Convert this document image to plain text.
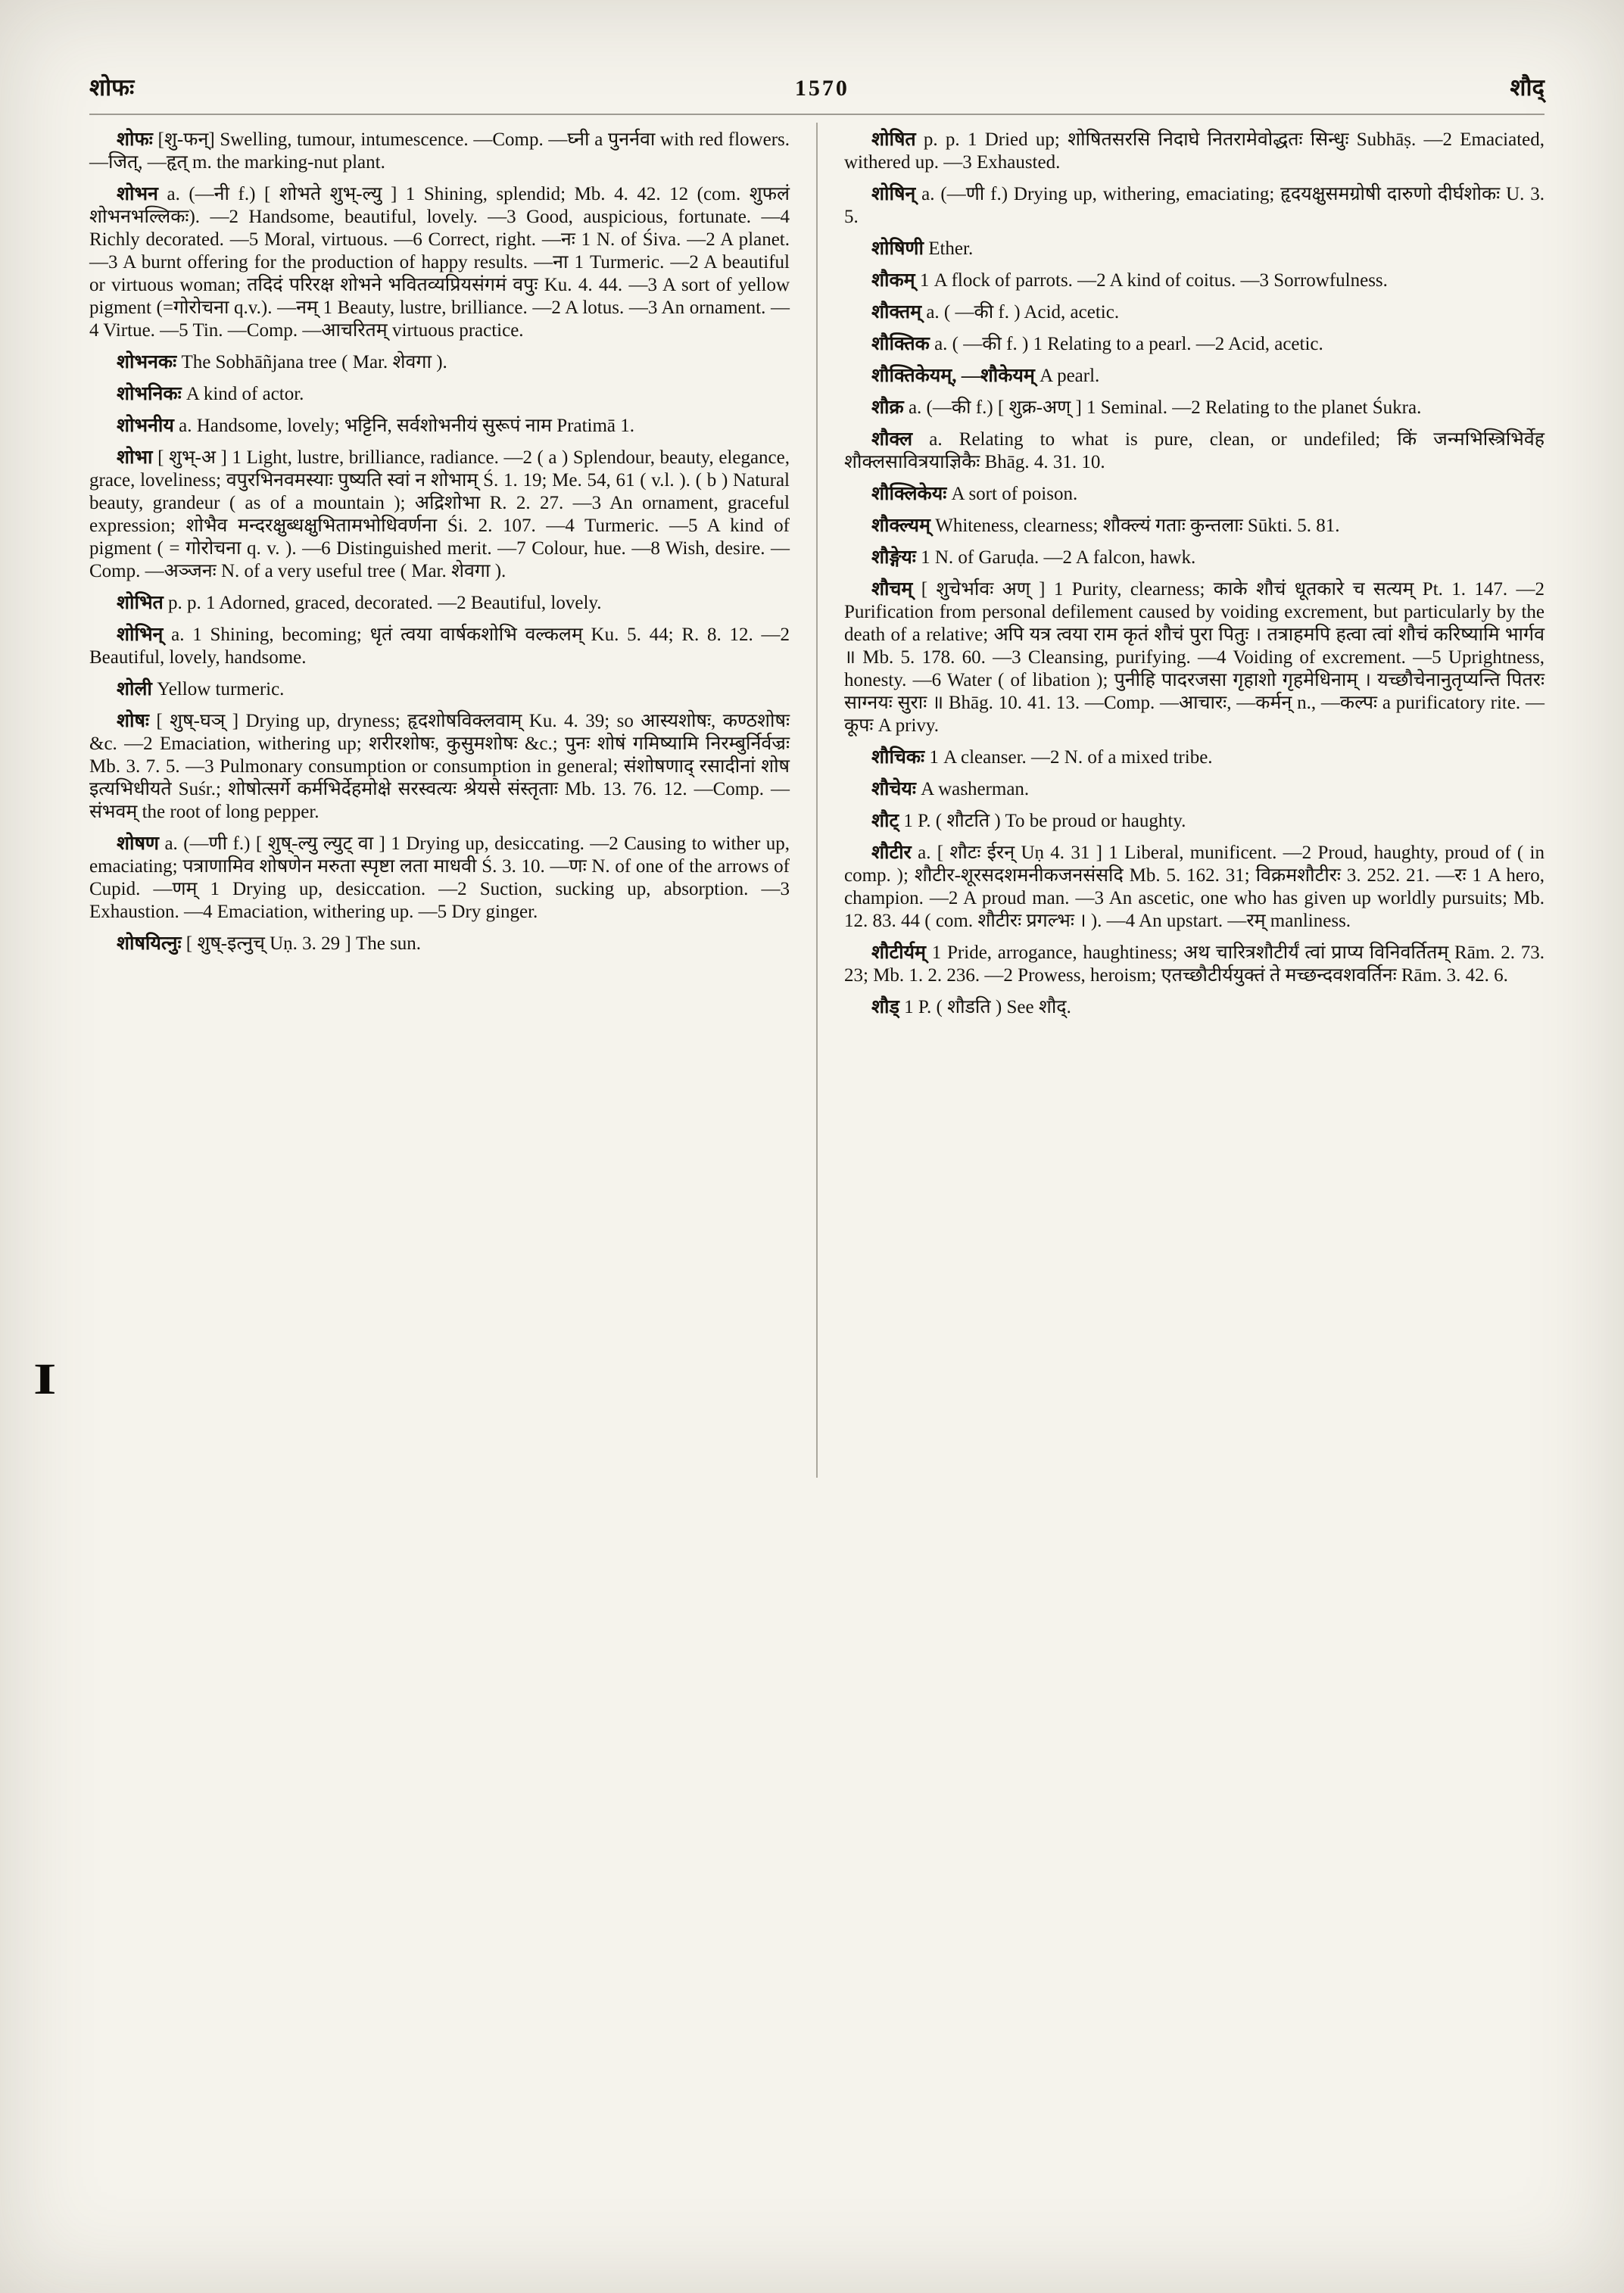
शोफः	1570	शौद्

शोफः [शु-फन्] Swelling, tumour, intumescence. —Comp. —घ्नी a पुनर्नवा with red flowers. —जित्, —हृत् m. the marking-nut plant.

शोभन a. (—नी f.) [ शोभते शुभ्-ल्यु ] 1 Shining, splendid; Mb. 4. 42. 12 (com. शुफलं शोभनभल्लिकः). —2 Handsome, beautiful, lovely. —3 Good, auspicious, fortunate. —4 Richly decorated. —5 Moral, virtuous. —6 Correct, right. —नः 1 N. of Śiva. —2 A planet. —3 A burnt offering for the production of happy results. —ना 1 Turmeric. —2 A beautiful or virtuous woman; तदिदं परिरक्ष शोभने भवितव्यप्रियसंगमं वपुः Ku. 4. 44. —3 A sort of yellow pigment (=गोरोचना q.v.). —नम् 1 Beauty, lustre, brilliance. —2 A lotus. —3 An ornament. —4 Virtue. —5 Tin. —Comp. —आचरितम् virtuous practice.

शोभनकः The Sobhāñjana tree ( Mar. शेवगा ).

शोभनिकः A kind of actor.

शोभनीय a. Handsome, lovely; भट्टिनि, सर्वशोभनीयं सुरूपं नाम Pratimā 1.

शोभा [ शुभ्-अ ] 1 Light, lustre, brilliance, radiance. —2 ( a ) Splendour, beauty, elegance, grace, loveliness; वपुरभिनवमस्याः पुष्यति स्वां न शोभाम् Ś. 1. 19; Me. 54, 61 ( v.l. ). ( b ) Natural beauty, grandeur ( as of a mountain ); अद्रिशोभा R. 2. 27. —3 An ornament, graceful expression; शोभैव मन्दरक्षुब्धक्षुभितामभोधिवर्णना Śi. 2. 107. —4 Turmeric. —5 A kind of pigment ( = गोरोचना q. v. ). —6 Distinguished merit. —7 Colour, hue. —8 Wish, desire. —Comp. —अञ्जनः N. of a very useful tree ( Mar. शेवगा ).

शोभित p. p. 1 Adorned, graced, decorated. —2 Beautiful, lovely.

शोभिन् a. 1 Shining, becoming; धृतं त्वया वार्षकशोभि वल्कलम् Ku. 5. 44; R. 8. 12. —2 Beautiful, lovely, handsome.

शोली Yellow turmeric.

शोषः [ शुष्-घञ् ] Drying up, dryness; हृदशोषविक्लवाम् Ku. 4. 39; so आस्यशोषः, कण्ठशोषः &c. —2 Emaciation, withering up; शरीरशोषः, कुसुमशोषः &c.; पुनः शोषं गमिष्यामि निरम्बुर्निर्वज्रः Mb. 3. 7. 5. —3 Pulmonary consumption or consumption in general; संशोषणाद् रसादीनां शोष इत्यभिधीयते Suśr.; शोषोत्सर्गे कर्मभिर्देहमोक्षे सरस्वत्यः श्रेयसे संस्तृताः Mb. 13. 76. 12. —Comp. —संभवम् the root of long pepper.

शोषण a. (—णी f.) [ शुष्-ल्यु ल्युट् वा ] 1 Drying up, desiccating. —2 Causing to wither up, emaciating; पत्राणामिव शोषणेन मरुता स्पृष्टा लता माधवी Ś. 3. 10. —णः N. of one of the arrows of Cupid. —णम् 1 Drying up, desiccation. —2 Suction, sucking up, absorption. —3 Exhaustion. —4 Emaciation, withering up. —5 Dry ginger.

शोषयित्नुः [ शुष्-इत्नुच् Uṇ. 3. 29 ] The sun.

शोषित p. p. 1 Dried up; शोषितसरसि निदाघे नितरामेवोद्धतः सिन्धुः Subhāṣ. —2 Emaciated, withered up. —3 Exhausted.

शोषिन् a. (—णी f.) Drying up, withering, emaciating; हृदयक्षुसमग्रोषी दारुणो दीर्घशोकः U. 3. 5.

शोषिणी Ether.

शौकम् 1 A flock of parrots. —2 A kind of coitus. —3 Sorrowfulness.

शौक्तम् a. ( —की f. ) Acid, acetic.

शौक्तिक a. ( —की f. ) 1 Relating to a pearl. —2 Acid, acetic.

शौक्तिकेयम्, —शौकेयम् A pearl.

शौक्र a. (—की f.) [ शुक्र-अण् ] 1 Seminal. —2 Relating to the planet Śukra.

शौक्ल a. Relating to what is pure, clean, or undefiled; किं जन्मभिस्त्रिभिर्वेह शौक्लसावित्रयाज्ञिकैः Bhāg. 4. 31. 10.

शौक्लिकेयः A sort of poison.

शौक्ल्यम् Whiteness, clearness; शौक्ल्यं गताः कुन्तलाः Sūkti. 5. 81.

शौङ्गेयः 1 N. of Garuḍa. —2 A falcon, hawk.

शौचम् [ शुचेर्भावः अण् ] 1 Purity, clearness; काके शौचं धूतकारे च सत्यम् Pt. 1. 147. —2 Purification from personal defilement caused by voiding excrement, but particularly by the death of a relative; अपि यत्र त्वया राम कृतं शौचं पुरा पितुः । तत्राहमपि हत्वा त्वां शौचं करिष्यामि भार्गव ॥ Mb. 5. 178. 60. —3 Cleansing, purifying. —4 Voiding of excrement. —5 Uprightness, honesty. —6 Water ( of libation ); पुनीहि पादरजसा गृहाशो गृहमेधिनाम् । यच्छौचेनानुतृप्यन्ति पितरः साग्नयः सुराः ॥ Bhāg. 10. 41. 13. —Comp. —आचारः, —कर्मन् n., —कल्पः a purificatory rite. —कूपः A privy.

शौचिकः 1 A cleanser. —2 N. of a mixed tribe.

शौचेयः A washerman.

शौट् 1 P. ( शौटति ) To be proud or haughty.

शौटीर a. [ शौटः ईरन् Uṇ 4. 31 ] 1 Liberal, munificent. —2 Proud, haughty, proud of ( in comp. ); शौटीर-शूरसदशमनीकजनसंसदि Mb. 5. 162. 31; विक्रमशौटीरः 3. 252. 21. —रः 1 A hero, champion. —2 A proud man. —3 An ascetic, one who has given up worldly pursuits; Mb. 12. 83. 44 ( com. शौटीरः प्रगल्भः । ). —4 An upstart. —रम् manliness.

शौटीर्यम् 1 Pride, arrogance, haughtiness; अथ चारित्रशौटीर्यं त्वां प्राप्य विनिवर्तितम् Rām. 2. 73. 23; Mb. 1. 2. 236. —2 Prowess, heroism; एतच्छौटीर्ययुक्तं ते मच्छन्दवशवर्तिनः Rām. 3. 42. 6.

शौड् 1 P. ( शौडति ) See शौद्.

I
